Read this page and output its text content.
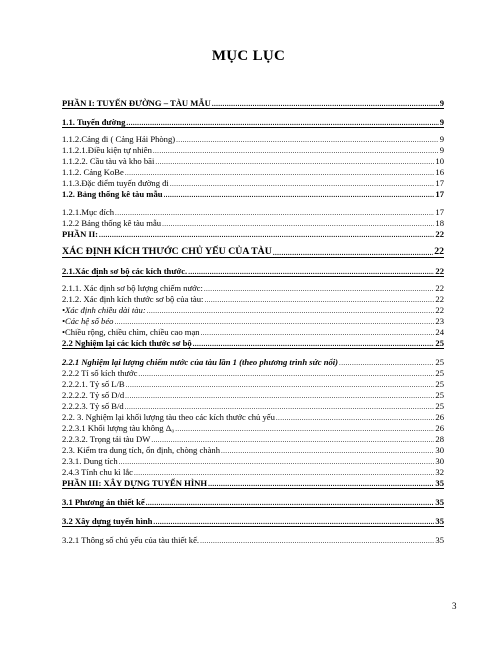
MỤC LỤC
PHẦN I: TUYẾN ĐƯỜNG – TÀU MẪU .....	9
1.1. Tuyến đường .....	9
1.1.2.Cảng đi ( Cảng Hải Phòng) .....	9
1.1.2.1.Điều kiện tự nhiên .....	9
1.1.2.2. Cầu tàu và kho bãi .....	10
1.1.2. Cảng KoBe .....	16
1.1.3.Đặc điểm tuyến đường đi .....	17
1.2. Bảng thống kê tàu mẫu .....	17
1.2.1.Mục đích .....	17
1.2.2 Bảng thống kê tàu mẫu .....	18
PHẦN II: .....	22
XÁC ĐỊNH KÍCH THƯỚC CHỦ YẾU CỦA TÀU .....	22
2.1.Xác định sơ bộ các kích thước. .....	22
2.1.1. Xác định sơ bộ lượng chiếm nước: .....	22
2.1.2. Xác định kích thước sơ bộ của tàu: .....	22
•Xác định chiều dài tàu: .....	22
•Các hệ số béo .....	23
•Chiều rộng, chiều chìm, chiều cao mạn .....	24
2.2 Nghiệm lại các kích thước sơ bộ .....	25
2.2.1 Nghiệm lại lượng chiếm nước của tàu lần 1 (theo phương trình sức nổi) .....	25
2.2.2 Tỉ số kích thước .....	25
2.2.2.1. Tỷ số L/B .....	25
2.2.2.2. Tỷ số D/d .....	25
2.2.2.3. Tỷ số B/d .....	25
2.2. 3. Nghiệm lại khối lượng tàu theo các kích thước chủ yếu .....	26
2.2.3.1 Khối lượng tàu không Δ₀ .....	26
2.2.3.2. Trọng tải tàu DW .....	28
2.3. Kiểm tra dung tích, ổn định, chòng chành .....	30
2.3.1. Dung tích .....	30
2.4.3 Tính chu kì lắc .....	32
PHẦN III: XÂY DỰNG TUYẾN HÌNH .....	35
3.1 Phương án thiết kế .....	35
3.2 Xây dựng tuyến hình .....	35
3.2.1 Thông số chủ yếu của tàu thiết kế. .....	35
3
